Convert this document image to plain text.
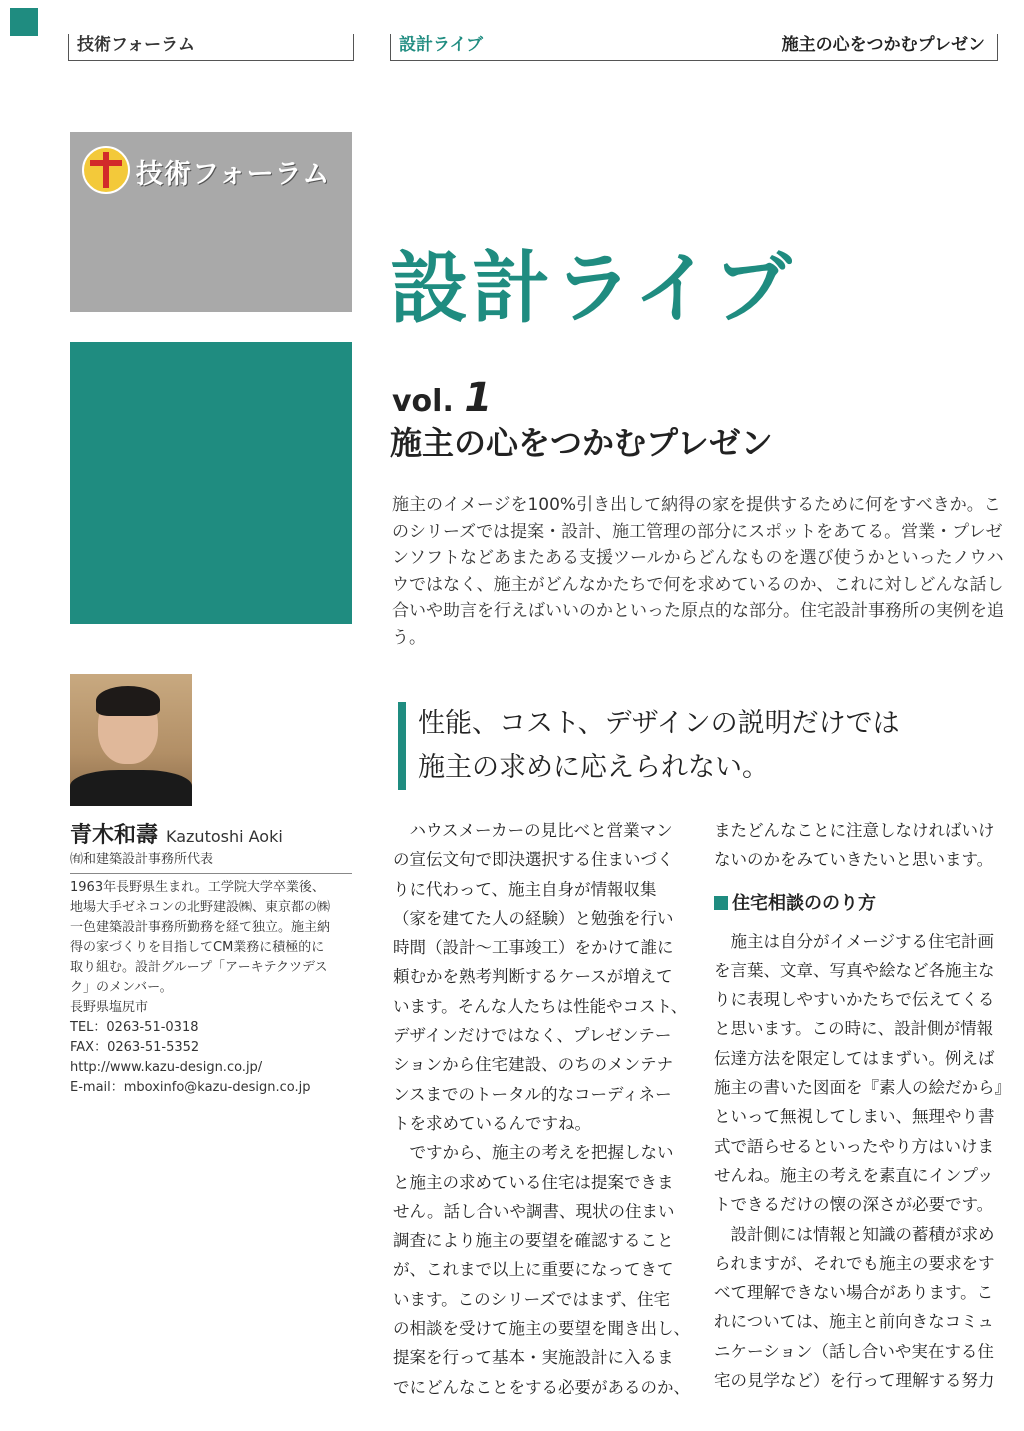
技術フォーラム	設計ライブ	施主の心をつかむプレゼン
技術フォーラム
設計ライブ
vol. 1
施主の心をつかむプレゼン
施主のイメージを100%引き出して納得の家を提供するために何をすべきか。このシリーズでは提案・設計、施工管理の部分にスポットをあてる。営業・プレゼンソフトなどあまたある支援ツールからどんなものを選び使うかといったノウハウではなく、施主がどんなかたちで何を求めているのか、これに対しどんな話し合いや助言を行えばいいのかといった原点的な部分。住宅設計事務所の実例を追う。
青木和壽 Kazutoshi Aoki
㈲和建築設計事務所代表
1963年長野県生まれ。工学院大学卒業後、
地場大手ゼネコンの北野建設㈱、東京都の㈱
一色建築設計事務所勤務を経て独立。施主納
得の家づくりを目指してCM業務に積極的に
取り組む。設計グループ「アーキテクツデス
ク」のメンバー。
長野県塩尻市
TEL：0263-51-0318
FAX：0263-51-5352
http://www.kazu-design.co.jp/
E-mail：mboxinfo@kazu-design.co.jp
性能、コスト、デザインの説明だけでは
施主の求めに応えられない。

　ハウスメーカーの見比べと営業マン
の宣伝文句で即決選択する住まいづく
りに代わって、施主自身が情報収集
（家を建てた人の経験）と勉強を行い
時間（設計〜工事竣工）をかけて誰に
頼むかを熟考判断するケースが増えて
います。そんな人たちは性能やコスト、
デザインだけではなく、プレゼンテー
ションから住宅建設、のちのメンテナ
ンスまでのトータル的なコーディネー
トを求めているんですね。

　ですから、施主の考えを把握しない
と施主の求めている住宅は提案できま
せん。話し合いや調書、現状の住まい
調査により施主の要望を確認すること
が、これまで以上に重要になってきて
います。このシリーズではまず、住宅
の相談を受けて施主の要望を聞き出し、
提案を行って基本・実施設計に入るま
でにどんなことをする必要があるのか、

またどんなことに注意しなければいけ
ないのかをみていきたいと思います。

住宅相談ののり方

　施主は自分がイメージする住宅計画
を言葉、文章、写真や絵など各施主な
りに表現しやすいかたちで伝えてくる
と思います。この時に、設計側が情報
伝達方法を限定してはまずい。例えば
施主の書いた図面を『素人の絵だから』
といって無視してしまい、無理やり書
式で語らせるといったやり方はいけま
せんね。施主の考えを素直にインプッ
トできるだけの懐の深さが必要です。

　設計側には情報と知識の蓄積が求め
られますが、それでも施主の要求をす
べて理解できない場合があります。こ
れについては、施主と前向きなコミュ
ニケーション（話し合いや実在する住
宅の見学など）を行って理解する努力
